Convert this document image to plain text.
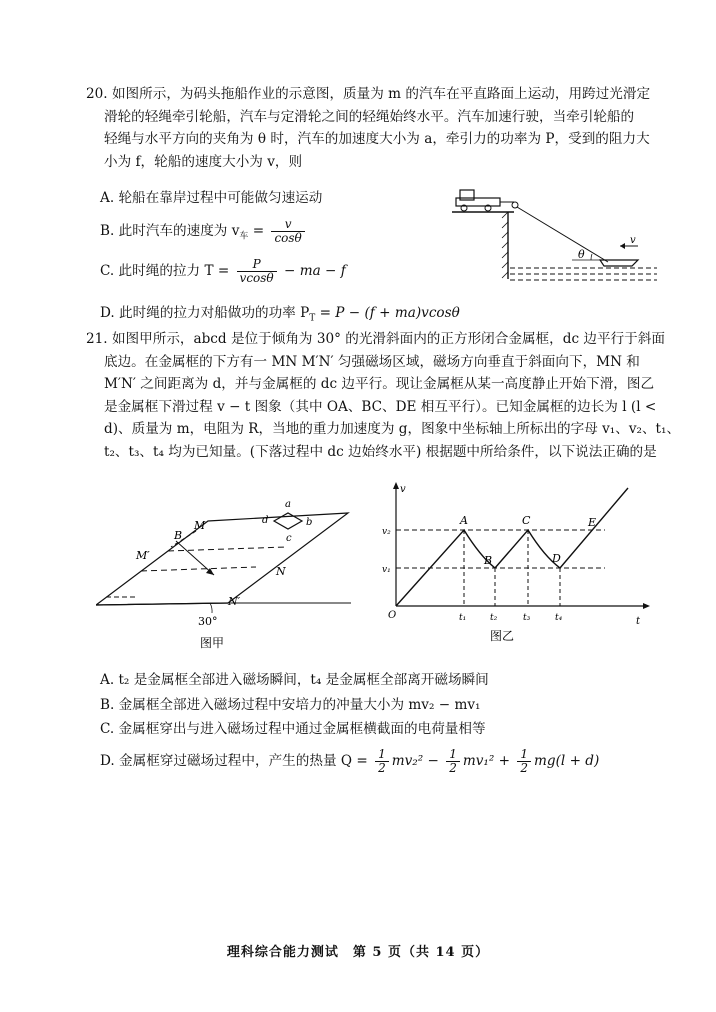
20. 如图所示，为码头拖船作业的示意图，质量为 m 的汽车在平直路面上运动，用跨过光滑定
滑轮的轻绳牵引轮船，汽车与定滑轮之间的轻绳始终水平。汽车加速行驶，当牵引轮船的
轻绳与水平方向的夹角为 θ 时，汽车的加速度大小为 a，牵引力的功率为 P，受到的阻力大
小为 f，轮船的速度大小为 v，则
A. 轮船在靠岸过程中可能做匀速运动
B. 此时汽车的速度为 $v_车 = \frac{v}{\cos\theta}$
C. 此时绳的拉力 $T = \frac{P}{vcos\theta}$ − ma − f
D. 此时绳的拉力对船做功的功率 $P_T = P - (f + ma)vcos\theta$
θ
v
21. 如图甲所示，abcd 是位于倾角为 30° 的光滑斜面内的正方形闭合金属框，dc 边平行于斜面
底边。在金属框的下方有一 MN M′N′ 匀强磁场区域，磁场方向垂直于斜面向下，MN 和
M′N′ 之间距离为 d，并与金属框的 dc 边平行。现让金属框从某一高度静止开始下滑，图乙
是金属框下滑过程 v − t 图象（其中 OA、BC、DE 相互平行）。已知金属框的边长为 l (l <
d)、质量为 m，电阻为 R，当地的重力加速度为 g，图象中坐标轴上所标出的字母 v₁、v₂、t₁、
t₂、t₃、t₄ 均为已知量。(下落过程中 dc 边始终水平) 根据题中所给条件，以下说法正确的是
a
b
c
d
B
M
M′
N
N′
30°
图甲
v
t
O
v₂
v₁
t₁	t₂	t₃	t₄
A
B
C
D
E
图乙
A. t₂ 是金属框全部进入磁场瞬间，t₄ 是金属框全部离开磁场瞬间
B. 金属框全部进入磁场过程中安培力的冲量大小为 mv₂ − mv₁
C. 金属框穿出与进入磁场过程中通过金属框横截面的电荷量相等
D. 金属框穿过磁场过程中，产生的热量 $Q = \frac{1}{2} mv_2^2 - \frac{1}{2} mv_1^2 + \frac{1}{2} mg(l + d)$
理科综合能力测试　第 5 页（共 14 页）
